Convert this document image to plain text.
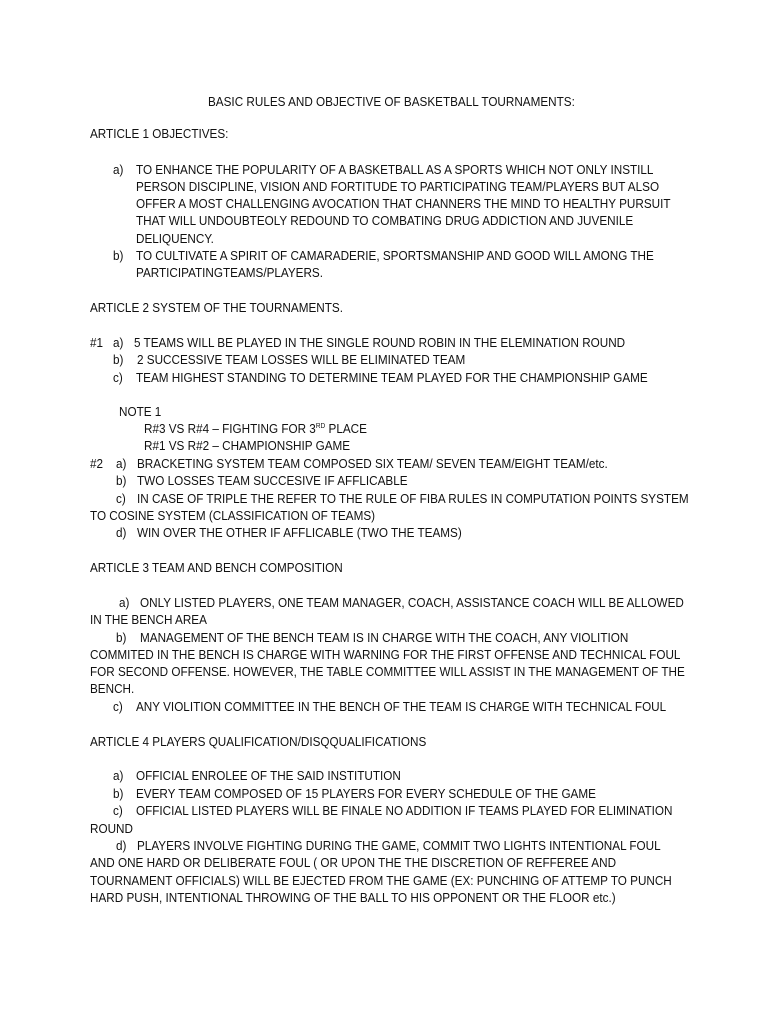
BASIC RULES AND OBJECTIVE OF BASKETBALL TOURNAMENTS:
ARTICLE 1 OBJECTIVES:
a) TO ENHANCE THE POPULARITY OF A BASKETBALL AS A SPORTS WHICH NOT ONLY INSTILL
PERSON DISCIPLINE, VISION AND FORTITUDE TO PARTICIPATING TEAM/PLAYERS BUT ALSO
OFFER A MOST CHALLENGING AVOCATION THAT CHANNERS THE MIND TO HEALTHY PURSUIT
THAT WILL UNDOUBTEOLY REDOUND TO COMBATING DRUG ADDICTION AND JUVENILE
DELIQUENCY.
b) TO CULTIVATE A SPIRIT OF CAMARADERIE, SPORTSMANSHIP AND GOOD WILL AMONG THE
PARTICIPATINGTEAMS/PLAYERS.
ARTICLE 2 SYSTEM OF THE TOURNAMENTS.
#1 a) 5 TEAMS WILL BE PLAYED IN THE SINGLE ROUND ROBIN IN THE ELEMINATION ROUND
b) 2 SUCCESSIVE TEAM LOSSES WILL BE ELIMINATED TEAM
c) TEAM HIGHEST STANDING TO DETERMINE TEAM PLAYED FOR THE CHAMPIONSHIP GAME
NOTE 1
R#3 VS R#4 – FIGHTING FOR 3RD PLACE
R#1 VS R#2 – CHAMPIONSHIP GAME
#2 a) BRACKETING SYSTEM TEAM COMPOSED SIX TEAM/ SEVEN TEAM/EIGHT TEAM/etc.
b) TWO LOSSES TEAM SUCCESIVE IF AFFLICABLE
c) IN CASE OF TRIPLE THE REFER TO THE RULE OF FIBA RULES IN COMPUTATION POINTS SYSTEM
TO COSINE SYSTEM (CLASSIFICATION OF TEAMS)
d) WIN OVER THE OTHER IF AFFLICABLE (TWO THE TEAMS)
ARTICLE 3 TEAM AND BENCH COMPOSITION
a) ONLY LISTED PLAYERS, ONE TEAM MANAGER, COACH, ASSISTANCE COACH WILL BE ALLOWED
IN THE BENCH AREA
b) MANAGEMENT OF THE BENCH TEAM IS IN CHARGE WITH THE COACH, ANY VIOLITION
COMMITED IN THE BENCH IS CHARGE WITH WARNING FOR THE FIRST OFFENSE AND TECHNICAL FOUL
FOR SECOND OFFENSE. HOWEVER, THE TABLE COMMITTEE WILL ASSIST IN THE MANAGEMENT OF THE
BENCH.
c) ANY VIOLITION COMMITTEE IN THE BENCH OF THE TEAM IS CHARGE WITH TECHNICAL FOUL
ARTICLE 4 PLAYERS QUALIFICATION/DISQQUALIFICATIONS
a) OFFICIAL ENROLEE OF THE SAID INSTITUTION
b) EVERY TEAM COMPOSED OF 15 PLAYERS FOR EVERY SCHEDULE OF THE GAME
c) OFFICIAL LISTED PLAYERS WILL BE FINALE NO ADDITION IF TEAMS PLAYED FOR ELIMINATION
ROUND
d) PLAYERS INVOLVE FIGHTING DURING THE GAME, COMMIT TWO LIGHTS INTENTIONAL FOUL
AND ONE HARD OR DELIBERATE FOUL ( OR UPON THE THE DISCRETION OF REFFEREE AND
TOURNAMENT OFFICIALS) WILL BE EJECTED FROM THE GAME (EX: PUNCHING OF ATTEMP TO PUNCH
HARD PUSH, INTENTIONAL THROWING OF THE BALL TO HIS OPPONENT OR THE FLOOR etc.)
